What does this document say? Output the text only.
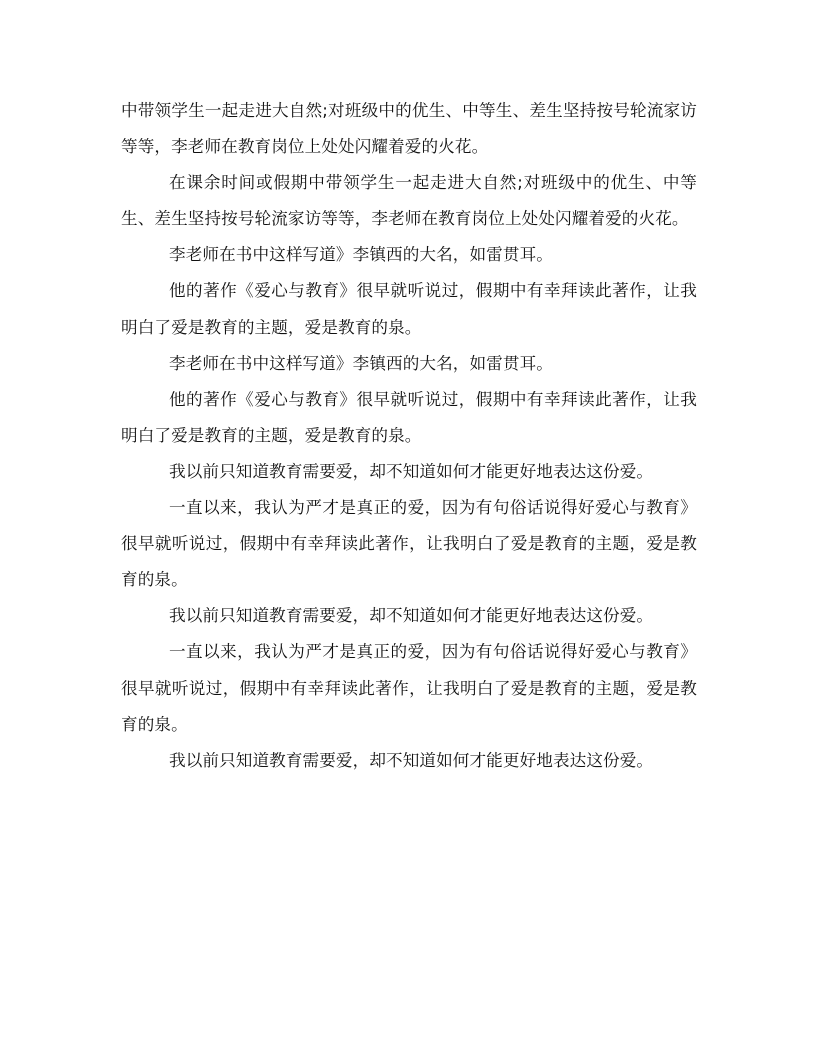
中带领学生一起走进大自然;对班级中的优生、中等生、差生坚持按号轮流家访等等，李老师在教育岗位上处处闪耀着爱的火花。

在课余时间或假期中带领学生一起走进大自然;对班级中的优生、中等生、差生坚持按号轮流家访等等，李老师在教育岗位上处处闪耀着爱的火花。

李老师在书中这样写道》李镇西的大名，如雷贯耳。

他的著作《爱心与教育》很早就听说过，假期中有幸拜读此著作，让我明白了爱是教育的主题，爱是教育的泉。

李老师在书中这样写道》李镇西的大名，如雷贯耳。

他的著作《爱心与教育》很早就听说过，假期中有幸拜读此著作，让我明白了爱是教育的主题，爱是教育的泉。

我以前只知道教育需要爱，却不知道如何才能更好地表达这份爱。

一直以来，我认为严才是真正的爱，因为有句俗话说得好爱心与教育》很早就听说过，假期中有幸拜读此著作，让我明白了爱是教育的主题，爱是教育的泉。

我以前只知道教育需要爱，却不知道如何才能更好地表达这份爱。

一直以来，我认为严才是真正的爱，因为有句俗话说得好爱心与教育》很早就听说过，假期中有幸拜读此著作，让我明白了爱是教育的主题，爱是教育的泉。

我以前只知道教育需要爱，却不知道如何才能更好地表达这份爱。
